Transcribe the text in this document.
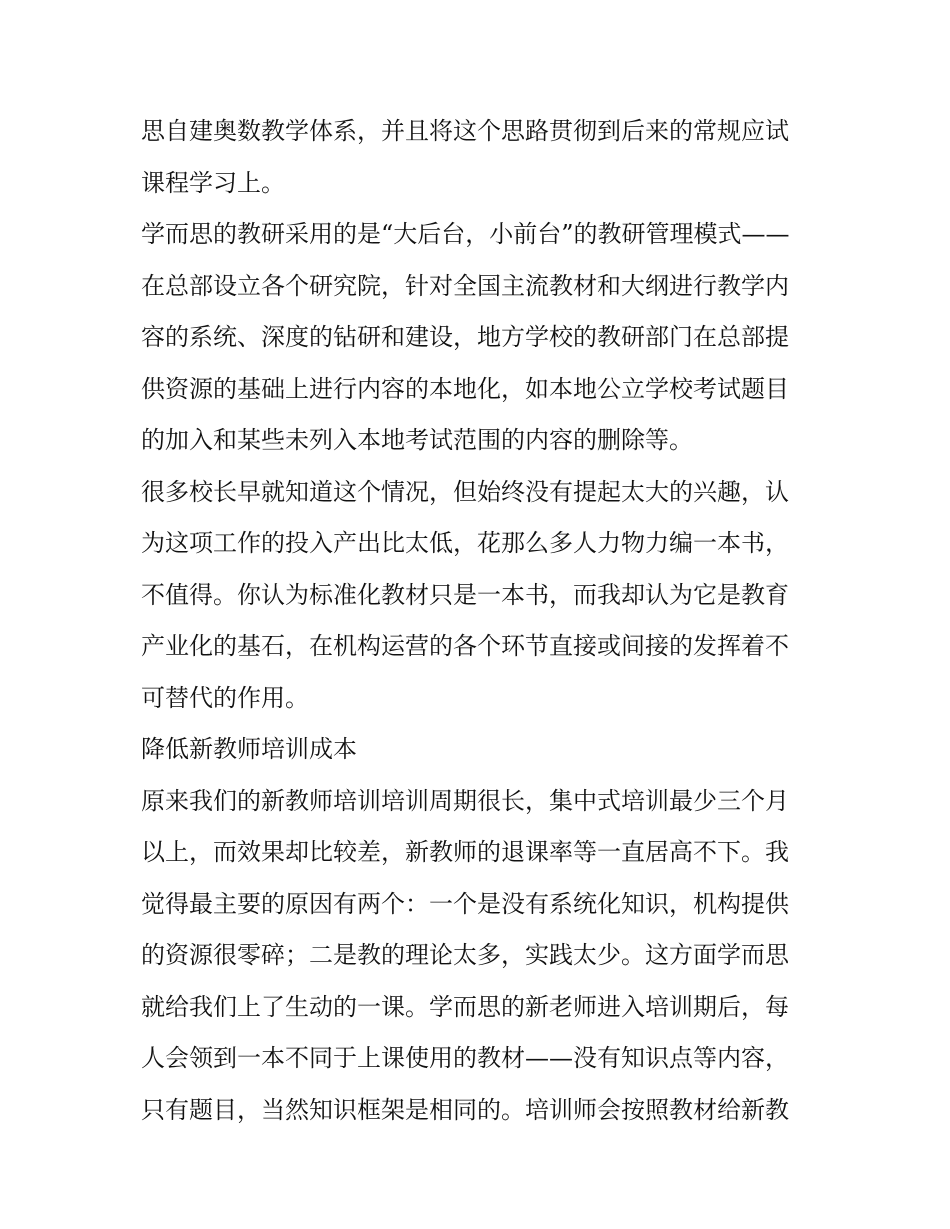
思自建奥数教学体系，并且将这个思路贯彻到后来的常规应试
课程学习上。
学而思的教研采用的是“大后台，小前台”的教研管理模式——
在总部设立各个研究院，针对全国主流教材和大纲进行教学内
容的系统、深度的钻研和建设，地方学校的教研部门在总部提
供资源的基础上进行内容的本地化，如本地公立学校考试题目
的加入和某些未列入本地考试范围的内容的删除等。
很多校长早就知道这个情况，但始终没有提起太大的兴趣，认
为这项工作的投入产出比太低，花那么多人力物力编一本书，
不值得。你认为标准化教材只是一本书，而我却认为它是教育
产业化的基石，在机构运营的各个环节直接或间接的发挥着不
可替代的作用。
降低新教师培训成本
原来我们的新教师培训培训周期很长，集中式培训最少三个月
以上，而效果却比较差，新教师的退课率等一直居高不下。我
觉得最主要的原因有两个：一个是没有系统化知识，机构提供
的资源很零碎；二是教的理论太多，实践太少。这方面学而思
就给我们上了生动的一课。学而思的新老师进入培训期后，每
人会领到一本不同于上课使用的教材——没有知识点等内容，
只有题目，当然知识框架是相同的。培训师会按照教材给新教
